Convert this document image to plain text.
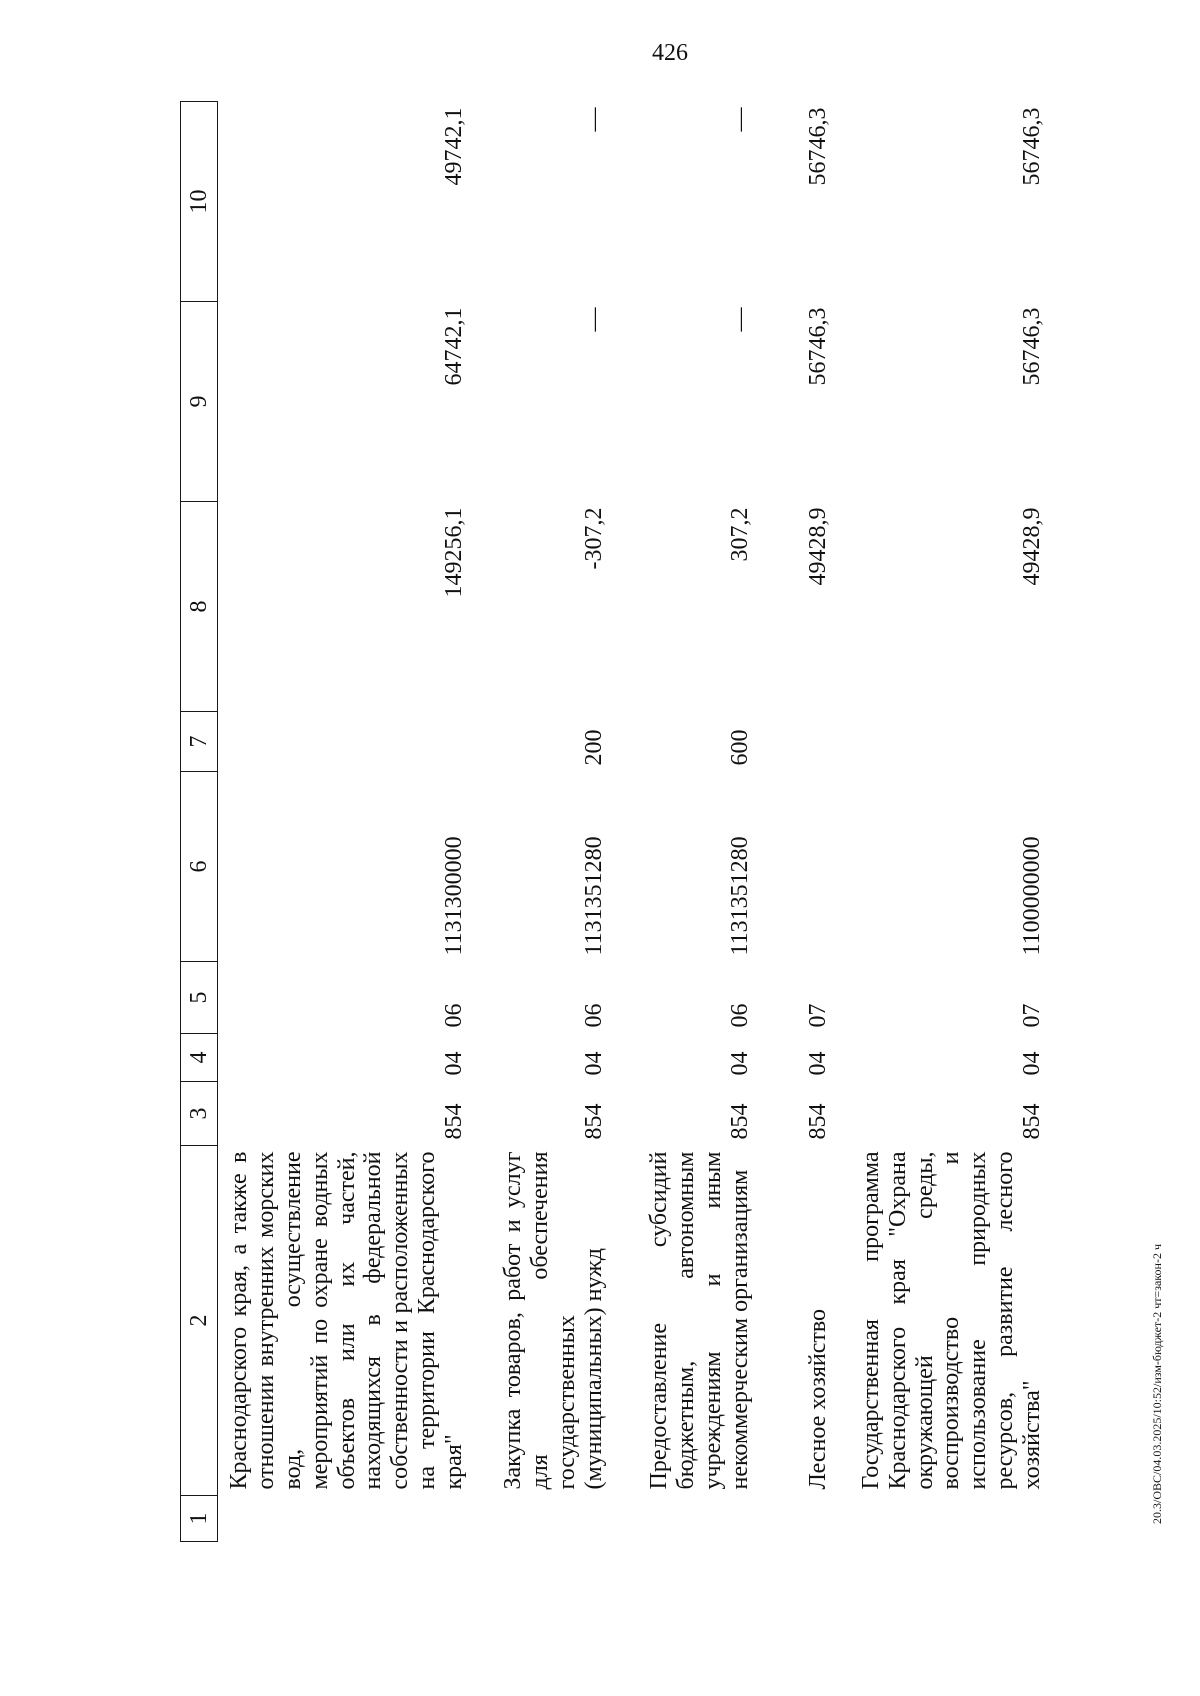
426
1	2	3	4	5	6	7	8	9	10
	Краснодарского края, а также в отношении внутренних морских вод, осуществление мероприятий по охране водных объектов или их частей, находящихся в федеральной собственности и расположенных на территории Краснодарского края"	854	04	06	1131300000		149256,1	64742,1	49742,1
	Закупка товаров, работ и услуг для обеспечения государственных (муниципальных) нужд	854	04	06	1131351280	200	-307,2	—	—
	Предоставление субсидий бюджетным, автономным учреждениям и иным некоммерческим организациям	854	04	06	1131351280	600	307,2	—	—
	Лесное хозяйство	854	04	07			49428,9	56746,3	56746,3
	Государственная программа Краснодарского края "Охрана окружающей среды, воспроизводство и использование природных ресурсов, развитие лесного хозяйства"	854	04	07	1100000000		49428,9	56746,3	56746,3
20.3/ОВС/04.03.2025/10:52/изм-бюджет-2 чт=закон-2 ч
